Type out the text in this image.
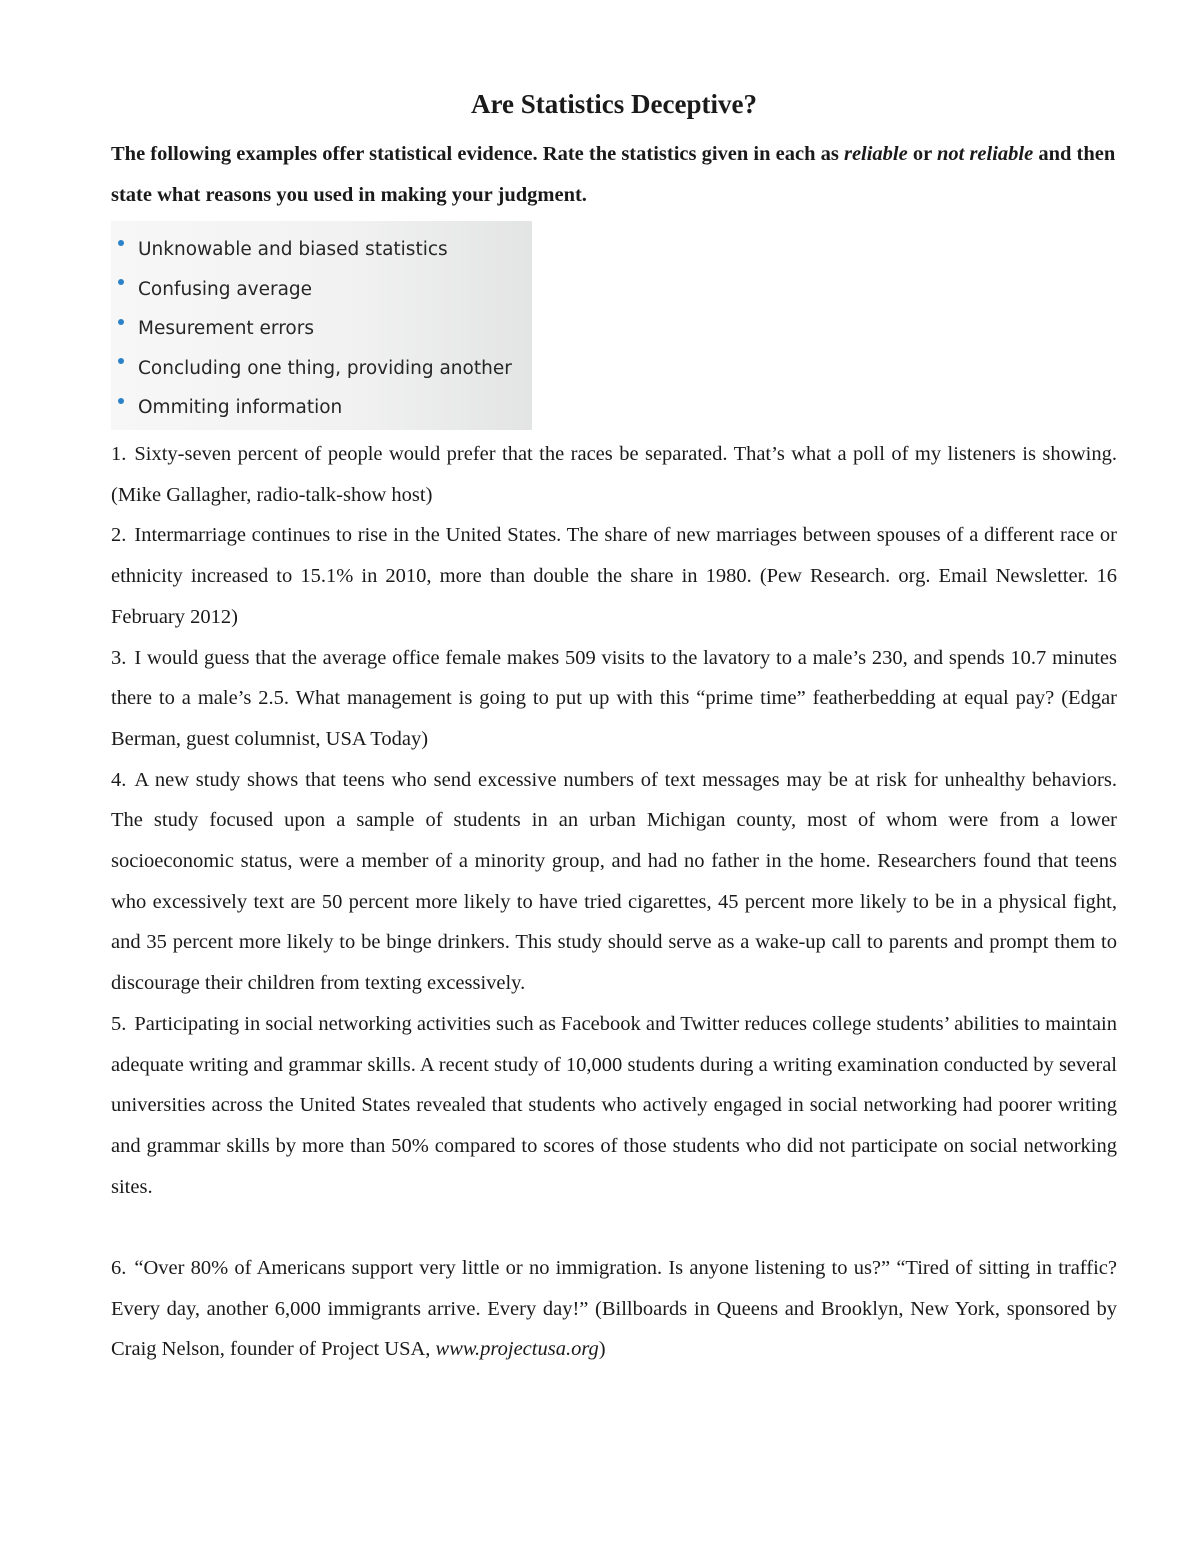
Are Statistics Deceptive?

The following examples offer statistical evidence. Rate the statistics given in each as reliable or not reliable and then state what reasons you used in making your judgment.

Unknowable and biased statistics
Confusing average
Mesurement errors
Concluding one thing, providing another
Ommiting information

1. Sixty-seven percent of people would prefer that the races be separated. That’s what a poll of my listeners is showing. (Mike Gallagher, radio-talk-show host)

2. Intermarriage continues to rise in the United States. The share of new marriages between spouses of a different race or ethnicity increased to 15.1% in 2010, more than double the share in 1980. (Pew Research. org. Email Newsletter. 16 February 2012)

3. I would guess that the average office female makes 509 visits to the lavatory to a male’s 230, and spends 10.7 minutes there to a male’s 2.5. What management is going to put up with this “prime time” featherbedding at equal pay? (Edgar Berman, guest columnist, USA Today)

4. A new study shows that teens who send excessive numbers of text messages may be at risk for unhealthy behaviors. The study focused upon a sample of students in an urban Michigan county, most of whom were from a lower socioeconomic status, were a member of a minority group, and had no father in the home. Researchers found that teens who excessively text are 50 percent more likely to have tried cigarettes, 45 percent more likely to be in a physical fight, and 35 percent more likely to be binge drinkers. This study should serve as a wake-up call to parents and prompt them to discourage their children from texting excessively.

5. Participating in social networking activities such as Facebook and Twitter reduces college students’ abilities to maintain adequate writing and grammar skills. A recent study of 10,000 students during a writing examination conducted by several universities across the United States revealed that students who actively engaged in social networking had poorer writing and grammar skills by more than 50% compared to scores of those students who did not participate on social networking sites.

6. “Over 80% of Americans support very little or no immigration. Is anyone listening to us?” “Tired of sitting in traffic? Every day, another 6,000 immigrants arrive. Every day!” (Billboards in Queens and Brooklyn, New York, sponsored by Craig Nelson, founder of Project USA, www.projectusa.org)
